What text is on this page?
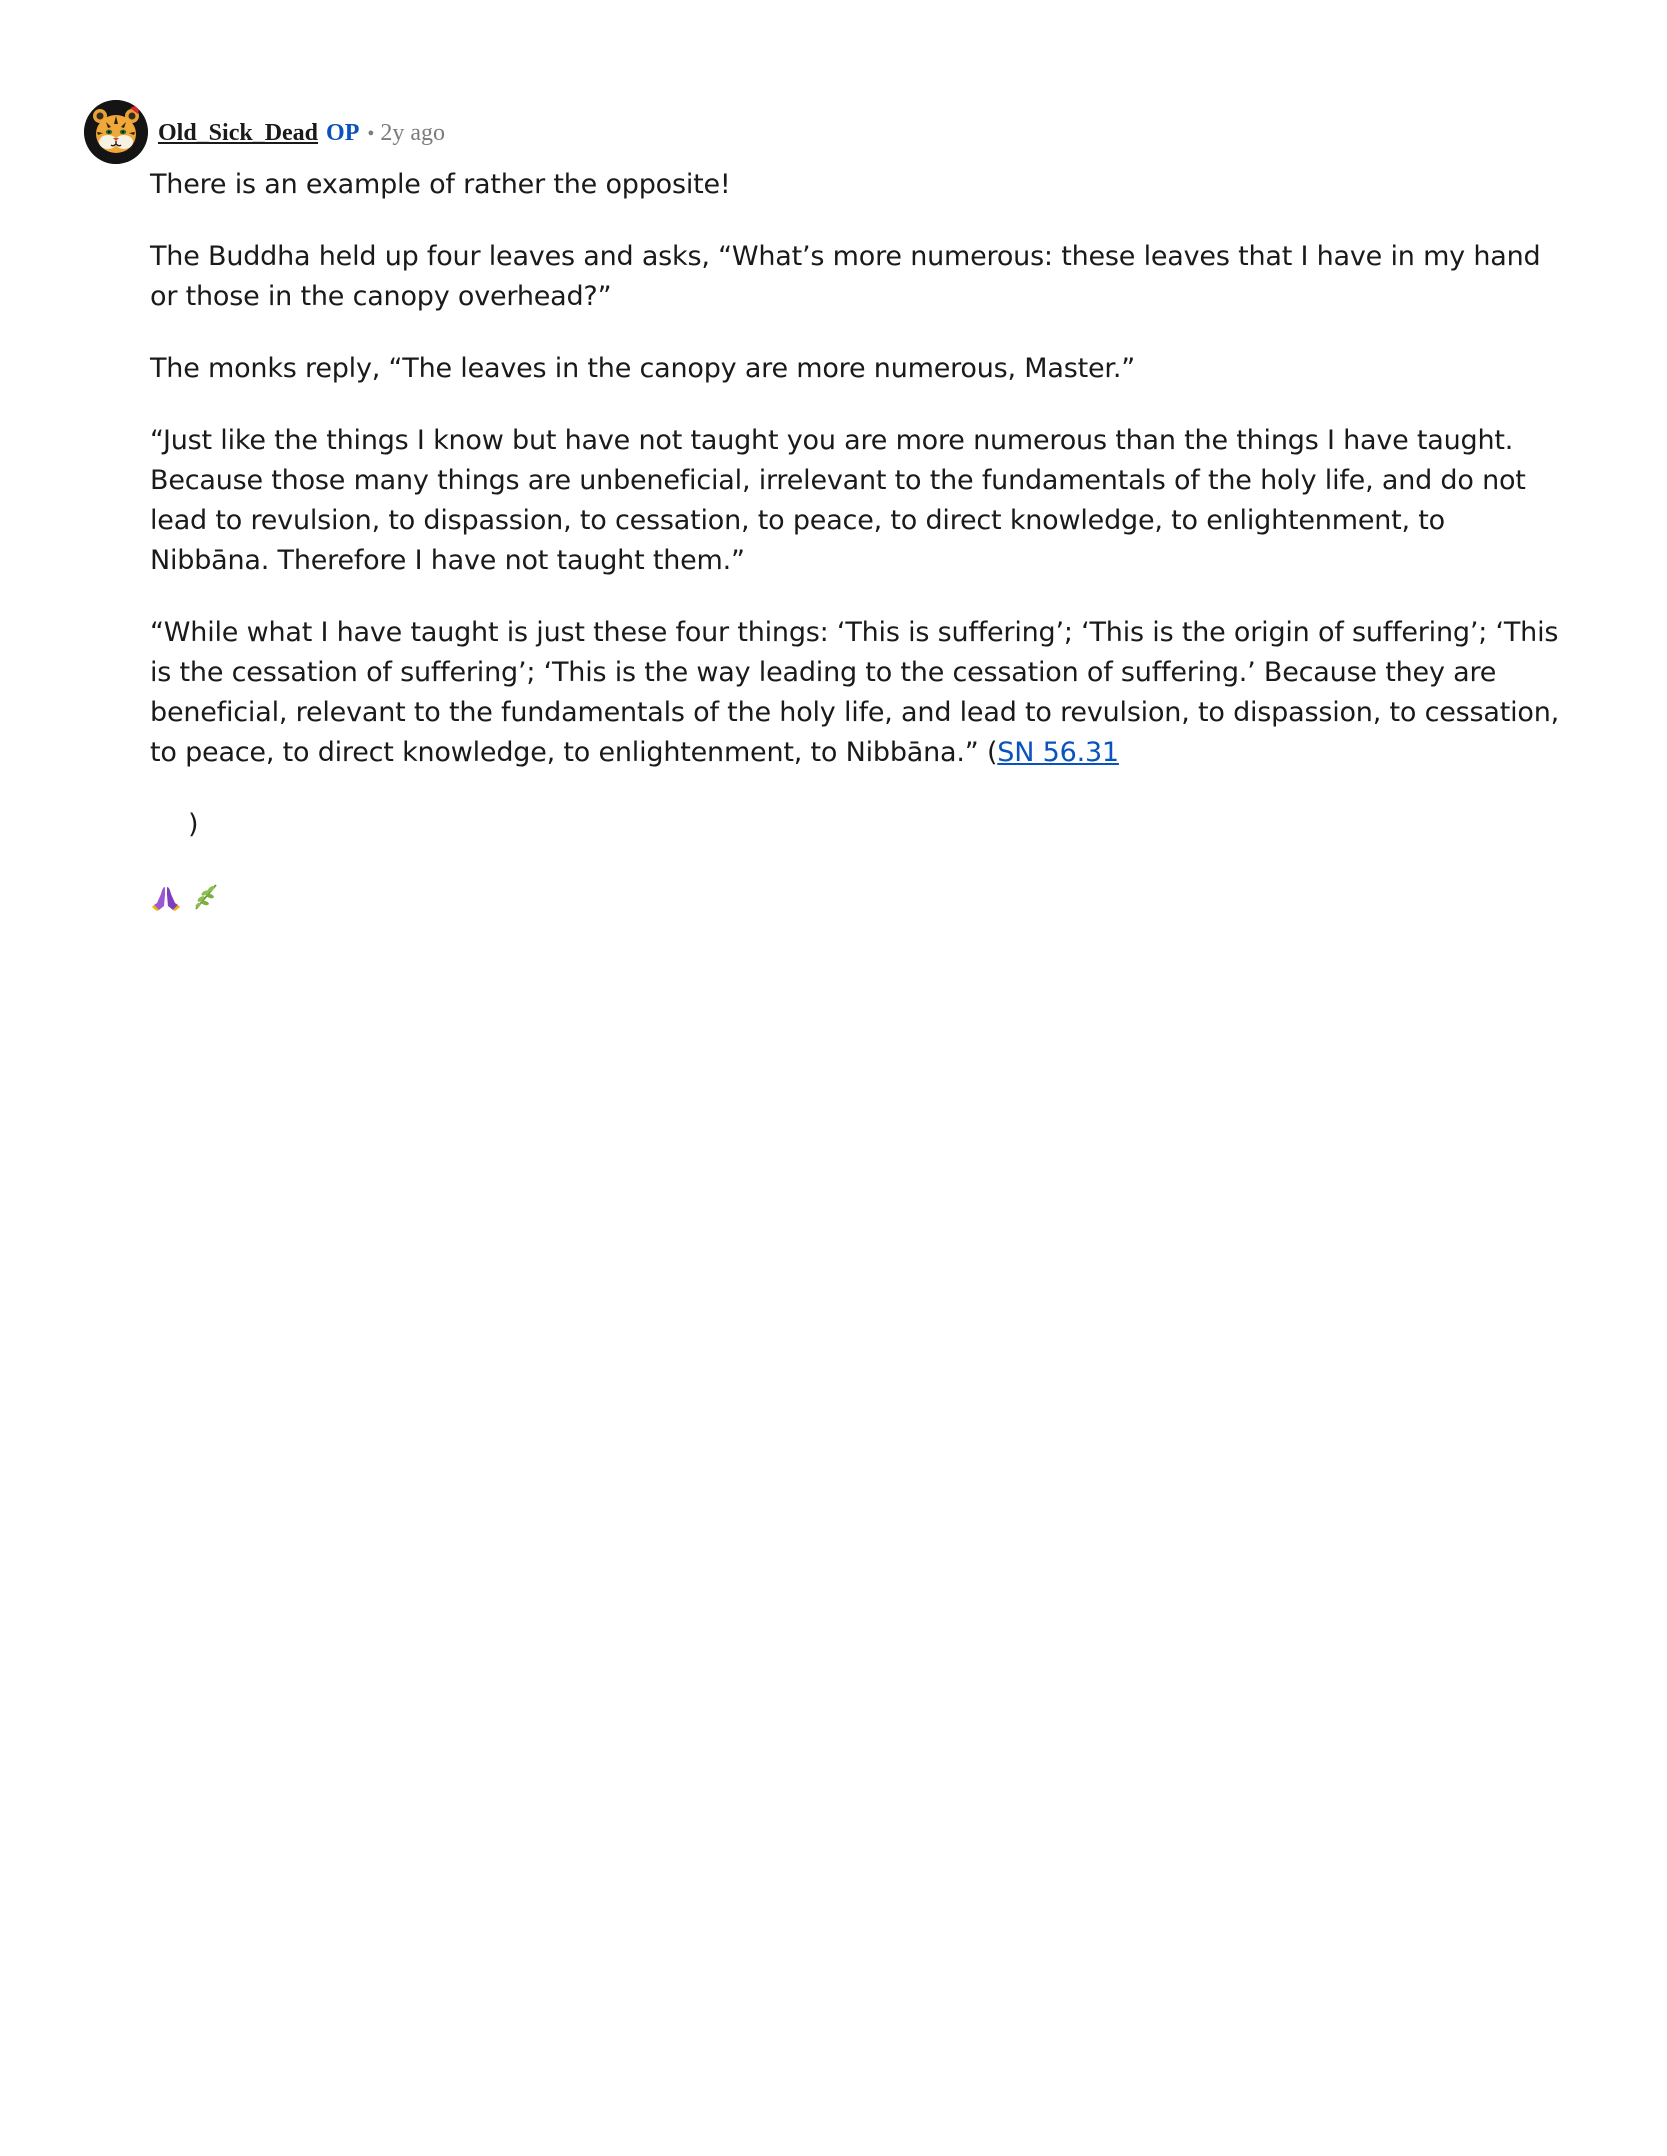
Old_Sick_Dead OP • 2y ago

There is an example of rather the opposite!

The Buddha held up four leaves and asks, “What’s more numerous: these leaves that I have in my hand or those in the canopy overhead?”

The monks reply, “The leaves in the canopy are more numerous, Master.”

“Just like the things I know but have not taught you are more numerous than the things I have taught. Because those many things are unbeneficial, irrelevant to the fundamentals of the holy life, and do not lead to revulsion, to dispassion, to cessation, to peace, to direct knowledge, to enlightenment, to Nibbāna. Therefore I have not taught them.”

“While what I have taught is just these four things: ‘This is suffering’; ‘This is the origin of suffering’; ‘This is the cessation of suffering’; ‘This is the way leading to the cessation of suffering.’ Because they are beneficial, relevant to the fundamentals of the holy life, and lead to revulsion, to dispassion, to cessation, to peace, to direct knowledge, to enlightenment, to Nibbāna.” (SN 56.31

)
